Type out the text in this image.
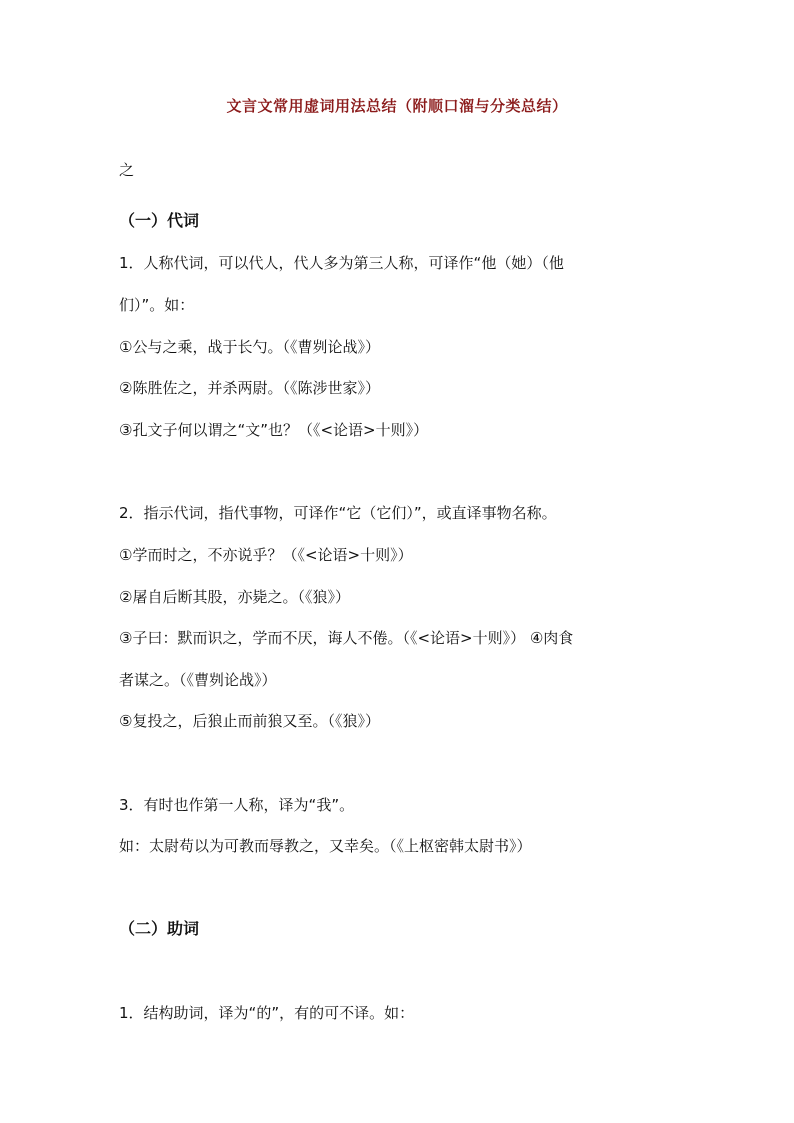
文言文常用虚词用法总结（附顺口溜与分类总结）
之
（一）代词
1．人称代词，可以代人，代人多为第三人称，可译作“他（她）（他
们）”。如：
①公与之乘，战于长勺。（《曹刿论战》）
②陈胜佐之，并杀两尉。（《陈涉世家》）
③孔文子何以谓之“文”也？（《<论语>十则》）
2．指示代词，指代事物，可译作“它（它们）”，或直译事物名称。
①学而时之，不亦说乎？（《<论语>十则》）
②屠自后断其股，亦毙之。（《狼》）
③子曰：默而识之，学而不厌，诲人不倦。（《<论语>十则》） ④肉食
者谋之。（《曹刿论战》）
⑤复投之，后狼止而前狼又至。（《狼》）
3．有时也作第一人称，译为“我”。
如：太尉苟以为可教而辱教之，又幸矣。（《上枢密韩太尉书》）
（二）助词
1．结构助词，译为“的”，有的可不译。如：
